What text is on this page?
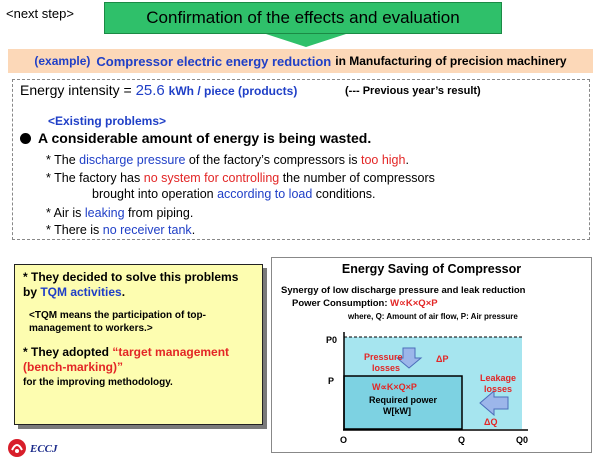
<next step>	Confirmation of the effects and evaluation
(example) Compressor electric energy reduction in Manufacturing of precision machinery
Energy intensity = 25.6 kWh / piece (products)	(--- Previous year’s result)
<Existing problems>
A considerable amount of energy is being wasted.
* The discharge pressure of the factory’s compressors is too high.
* The factory has no system for controlling the number of compressors
brought into operation according to load conditions.
* Air is leaking from piping.
* There is no receiver tank.
* They decided to solve this problems by TQM activities.
<TQM means the participation of top-management to workers.>
* They adopted “target management (bench-marking)”
for the improving methodology.
Energy Saving of Compressor
Synergy of low discharge pressure and leak reduction
Power Consumption: W∝K×Q×P
where, Q: Amount of air flow, P: Air pressure
P0
P
O	Q	Q0
Pressure
losses
ΔP
Leakage
losses
ΔQ
W∝K×Q×P
Required power
W[kW]
ECCJ
